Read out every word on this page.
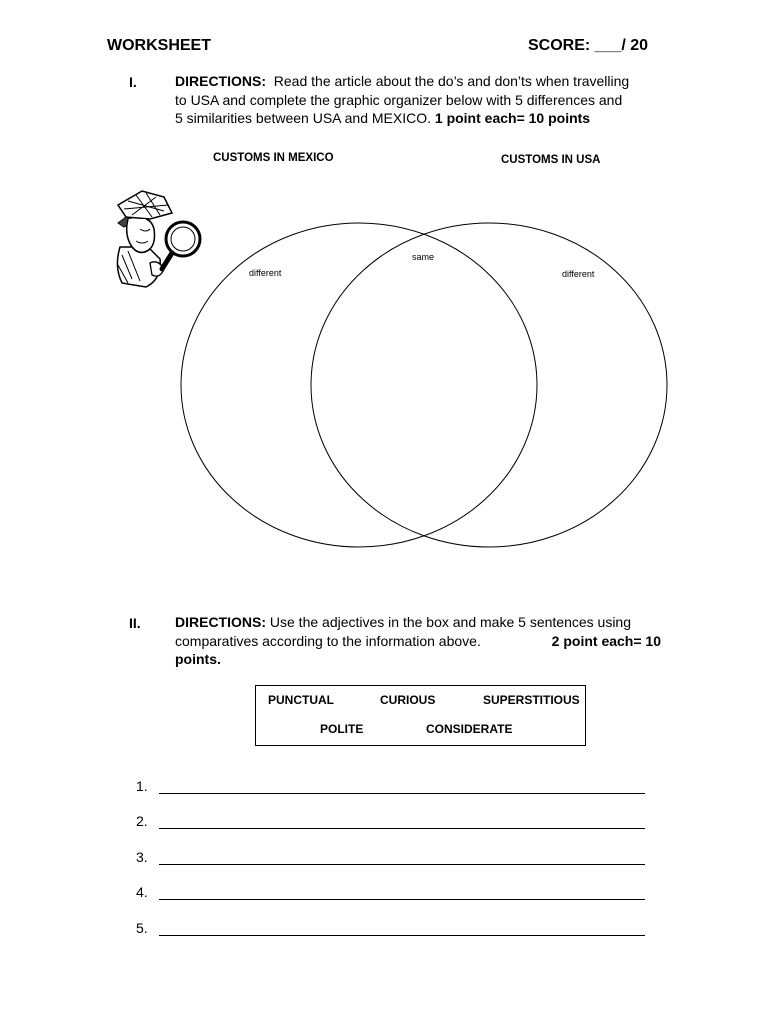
WORKSHEET	SCORE: ___/ 20
I.	DIRECTIONS: Read the article about the do’s and don’ts when travelling
to USA and complete the graphic organizer below with 5 differences and
5 similarities between USA and MEXICO. 1 point each= 10 points
CUSTOMS IN MEXICO	CUSTOMS IN USA
different
same
different
II. DIRECTIONS: Use the adjectives in the box and make 5 sentences using
comparatives according to the information above.	2 point each= 10
points.
PUNCTUAL	CURIOUS	SUPERSTITIOUS
POLITE	CONSIDERATE
1.
2.
3.
4.
5.
